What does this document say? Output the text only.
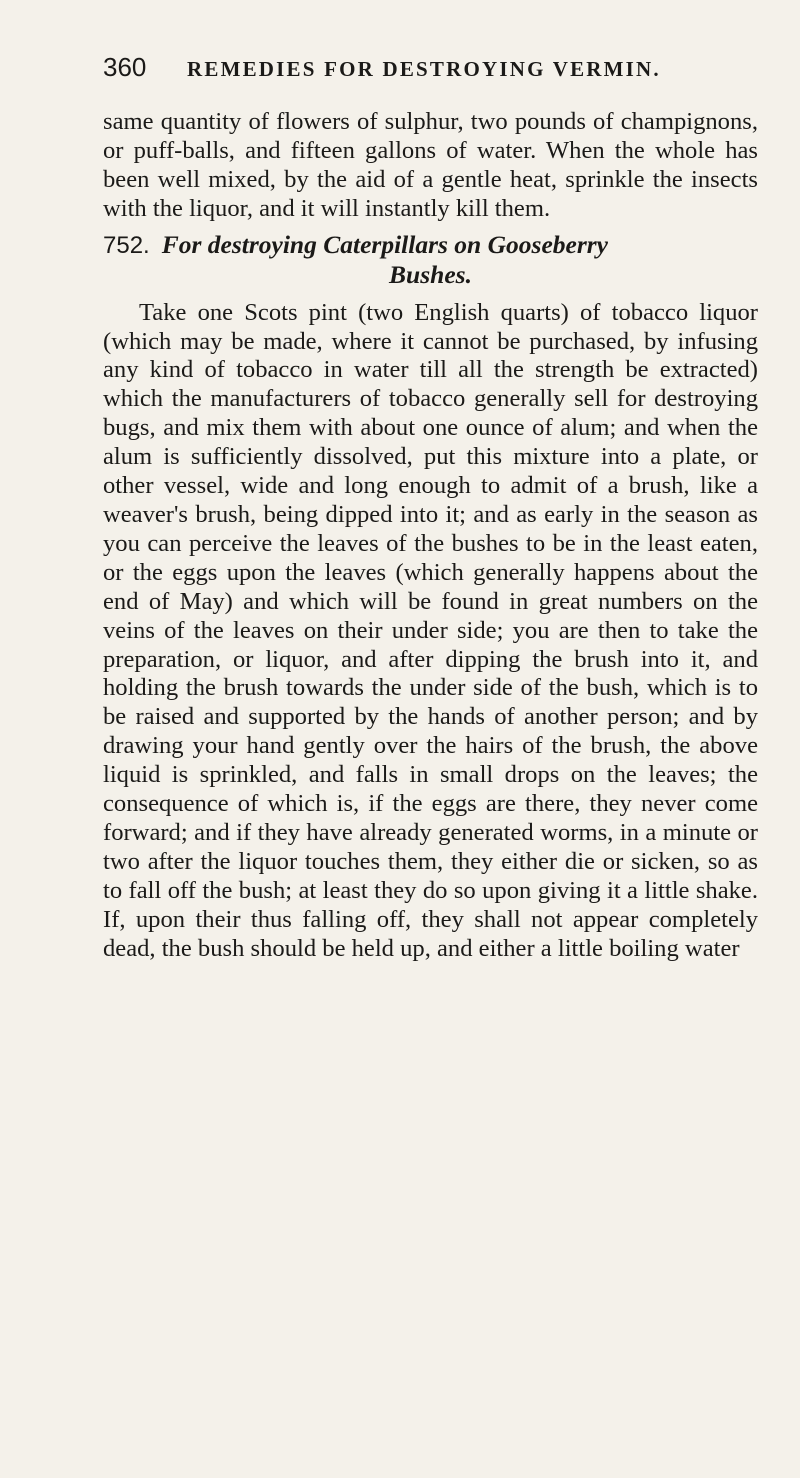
360	REMEDIES FOR DESTROYING VERMIN.

same quantity of flowers of sulphur, two pounds of champignons, or puff-balls, and fifteen gallons of water. When the whole has been well mixed, by the aid of a gentle heat, sprinkle the insects with the liquor, and it will instantly kill them.

752. For destroying Caterpillars on Gooseberry
Bushes.

Take one Scots pint (two English quarts) of tobacco liquor (which may be made, where it cannot be purchased, by infusing any kind of tobacco in water till all the strength be extracted) which the manufacturers of tobacco generally sell for destroying bugs, and mix them with about one ounce of alum; and when the alum is sufficiently dissolved, put this mixture into a plate, or other vessel, wide and long enough to admit of a brush, like a weaver's brush, being dipped into it; and as early in the season as you can perceive the leaves of the bushes to be in the least eaten, or the eggs upon the leaves (which generally happens about the end of May) and which will be found in great numbers on the veins of the leaves on their under side; you are then to take the preparation, or liquor, and after dipping the brush into it, and holding the brush towards the under side of the bush, which is to be raised and supported by the hands of another person; and by drawing your hand gently over the hairs of the brush, the above liquid is sprinkled, and falls in small drops on the leaves; the consequence of which is, if the eggs are there, they never come forward; and if they have already generated worms, in a minute or two after the liquor touches them, they either die or sicken, so as to fall off the bush; at least they do so upon giving it a little shake. If, upon their thus falling off, they shall not appear completely dead, the bush should be held up, and either a little boiling water
